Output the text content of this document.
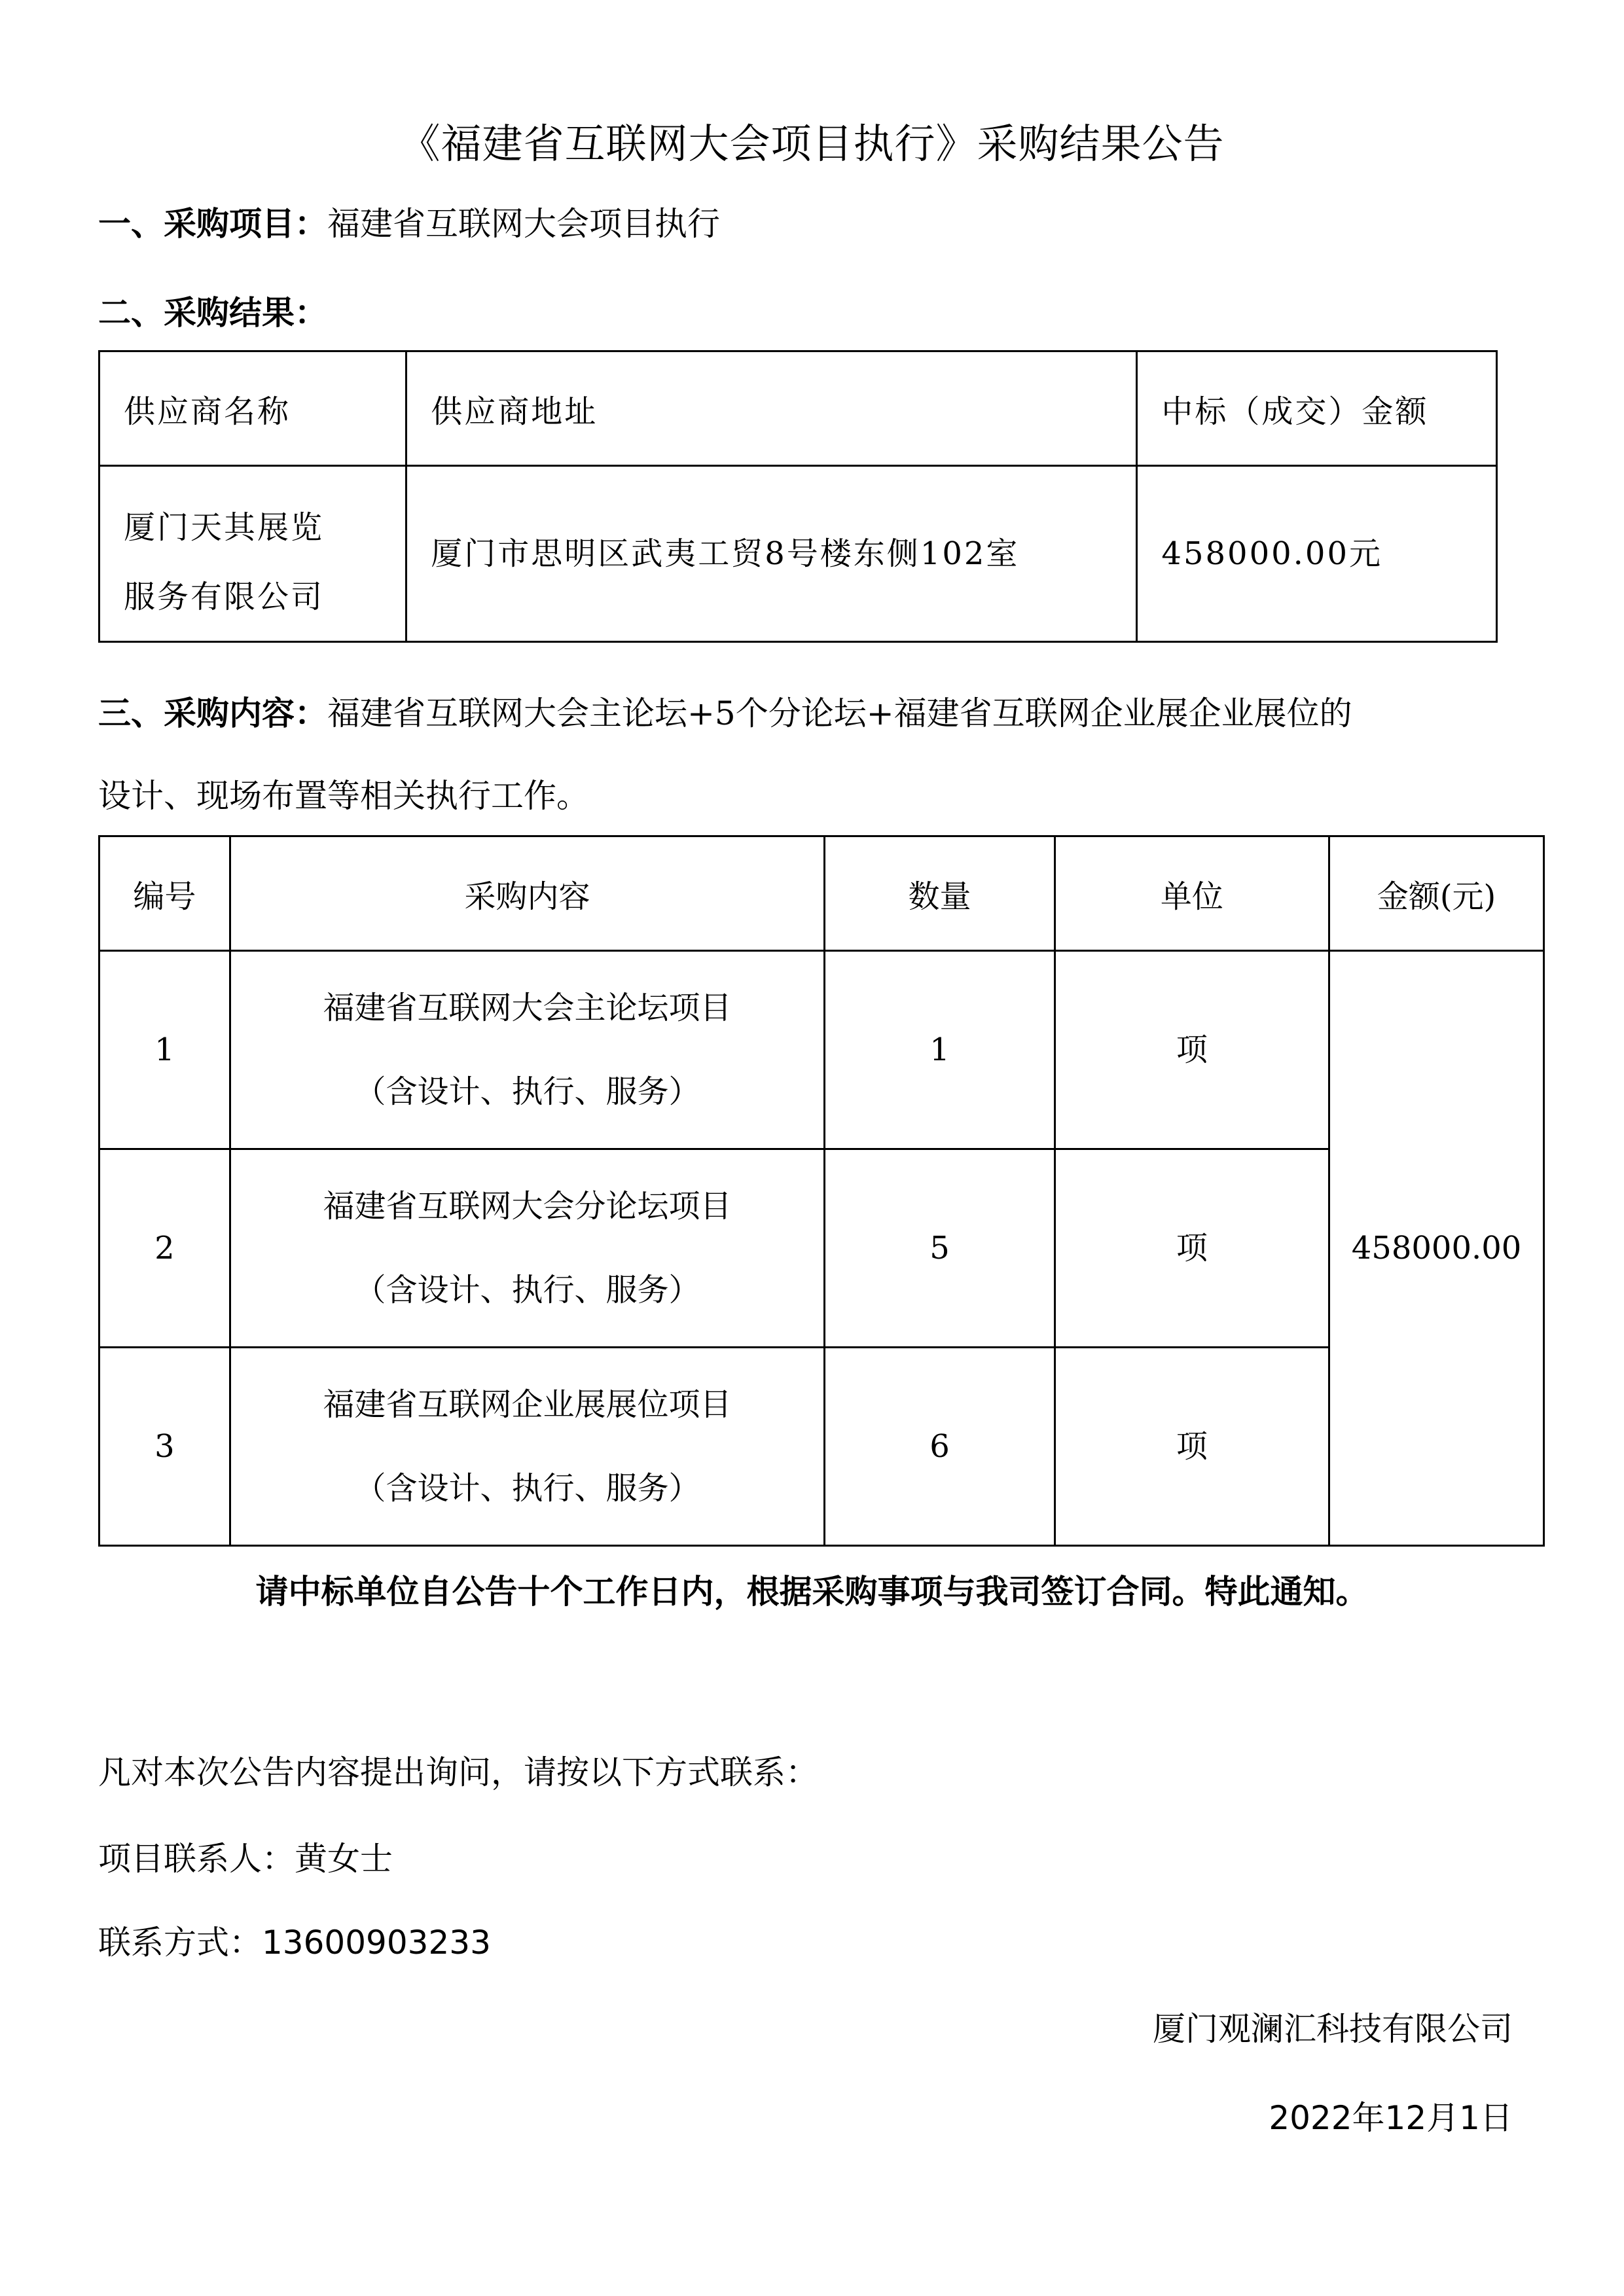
《福建省互联网大会项目执行》采购结果公告
一、采购项目：福建省互联网大会项目执行
二、采购结果：
供应商名称	供应商地址	中标（成交）金额

厦门天其展览
服务有限公司	厦门市思明区武夷工贸8号楼东侧102室	458000.00元
三、采购内容：福建省互联网大会主论坛+5个分论坛+福建省互联网企业展企业展位的
设计、现场布置等相关执行工作。
编号	采购内容	数量	单位	金额(元)
1	福建省互联网大会主论坛项目
（含设计、执行、服务）	1	项	458000.00
2	福建省互联网大会分论坛项目
（含设计、执行、服务）	5	项	
3	福建省互联网企业展展位项目
（含设计、执行、服务）	6	项	
请中标单位自公告十个工作日内，根据采购事项与我司签订合同。特此通知。
凡对本次公告内容提出询问，请按以下方式联系：
项目联系人：黄女士
联系方式：13600903233
厦门观澜汇科技有限公司
2022年12月1日
